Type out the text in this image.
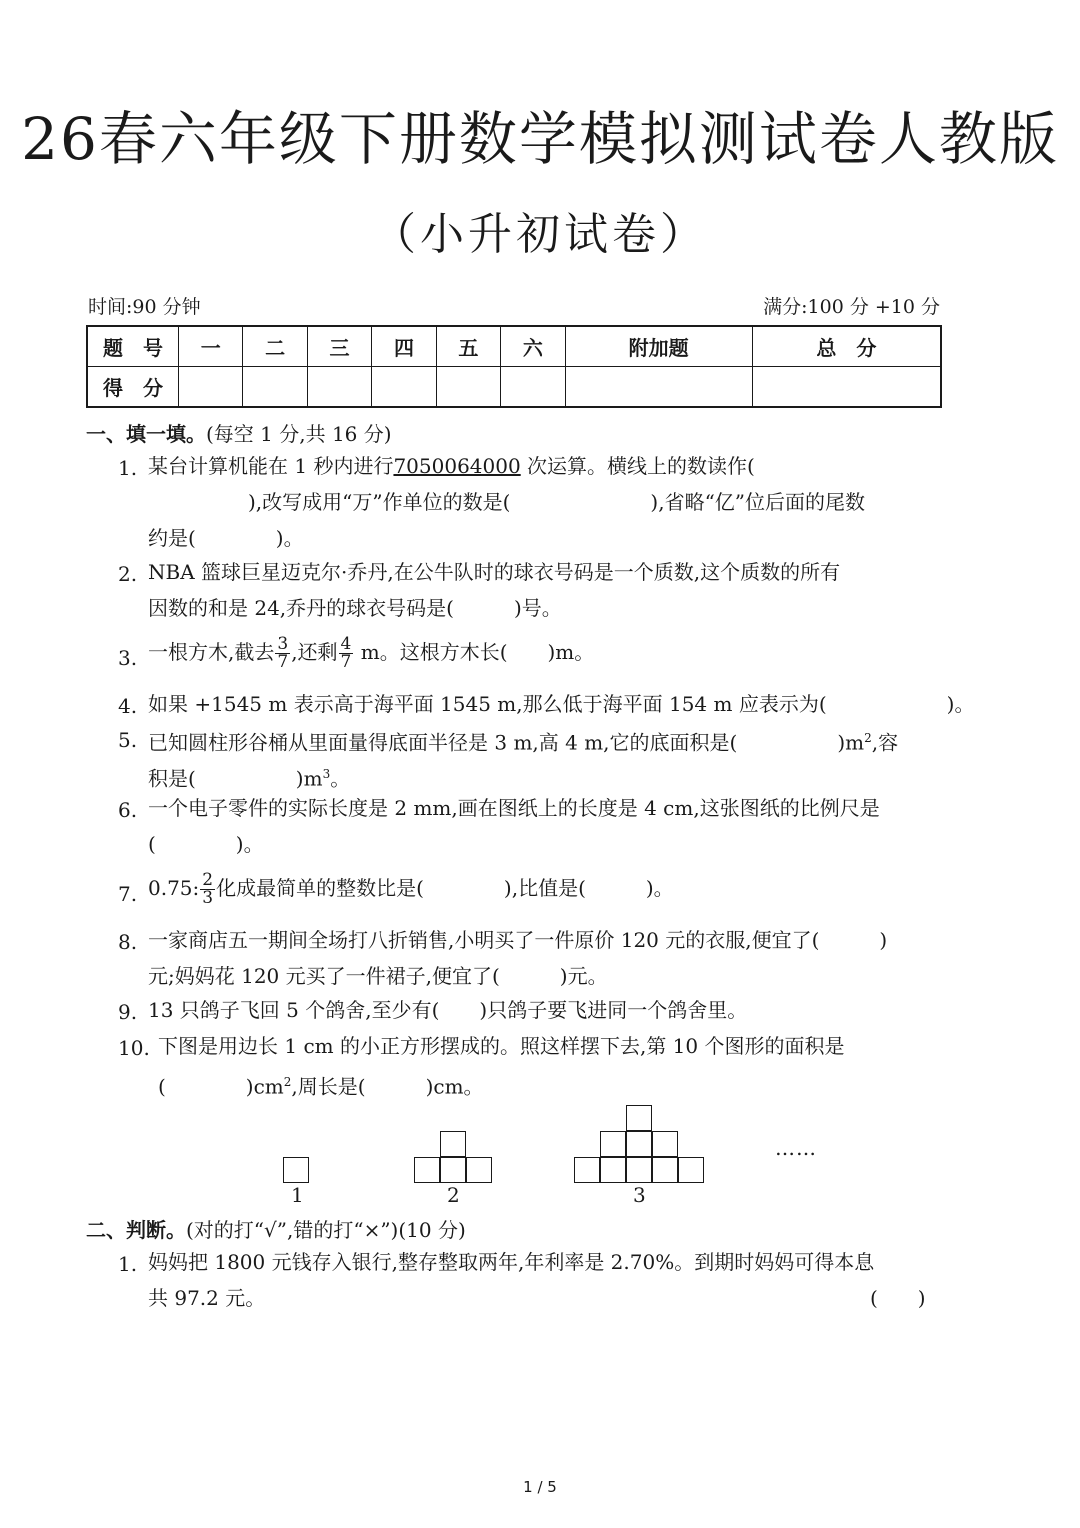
26春六年级下册数学模拟测试卷人教版
（小升初试卷）
时间:90 分钟	满分:100 分 +10 分
题　号	一	二	三	四	五	六	附加题	总　分
得　分								
一、填一填。(每空 1 分,共 16 分)
1. 某台计算机能在 1 秒内进行7050064000 次运算。横线上的数读作(
),改写成用“万”作单位的数是(　　　　　　　),省略“亿”位后面的尾数
约是(　　　　)。
2. NBA 篮球巨星迈克尔·乔丹,在公牛队时的球衣号码是一个质数,这个质数的所有
因数的和是 24,乔丹的球衣号码是(　　　)号。
3. 一根方木,截去 $\frac{3}{7}$ ,还剩 $\frac{4}{7}$ m。这根方木长(　　)m。
4. 如果 +1545 m 表示高于海平面 1545 m,那么低于海平面 154 m 应表示为(　　　　　　)。
5. 已知圆柱形谷桶从里面量得底面半径是 3 m,高 4 m,它的底面积是(　　　　　)$m^2$,容
积是(　　　　　)$m^3$。
6. 一个电子零件的实际长度是 2 mm,画在图纸上的长度是 4 cm,这张图纸的比例尺是
(　　　　)。
7. 0.75: $\frac{2}{3}$ 化成最简单的整数比是(　　　　),比值是(　　　)。
8. 一家商店五一期间全场打八折销售,小明买了一件原价 120 元的衣服,便宜了(　　　)
元;妈妈花 120 元买了一件裙子,便宜了(　　　)元。
9. 13 只鸽子飞回 5 个鸽舍,至少有(　　)只鸽子要飞进同一个鸽舍里。
10. 下图是用边长 1 cm 的小正方形摆成的。照这样摆下去,第 10 个图形的面积是
(　　　　)$cm^2$,周长是(　　　)cm。
1	2	3
……
二、判断。(对的打“√”,错的打“×”)(10 分)
1. 妈妈把 1800 元钱存入银行,整存整取两年,年利率是 2.70%。到期时妈妈可得本息
共 97.2 元。	(　　)
1 / 5
